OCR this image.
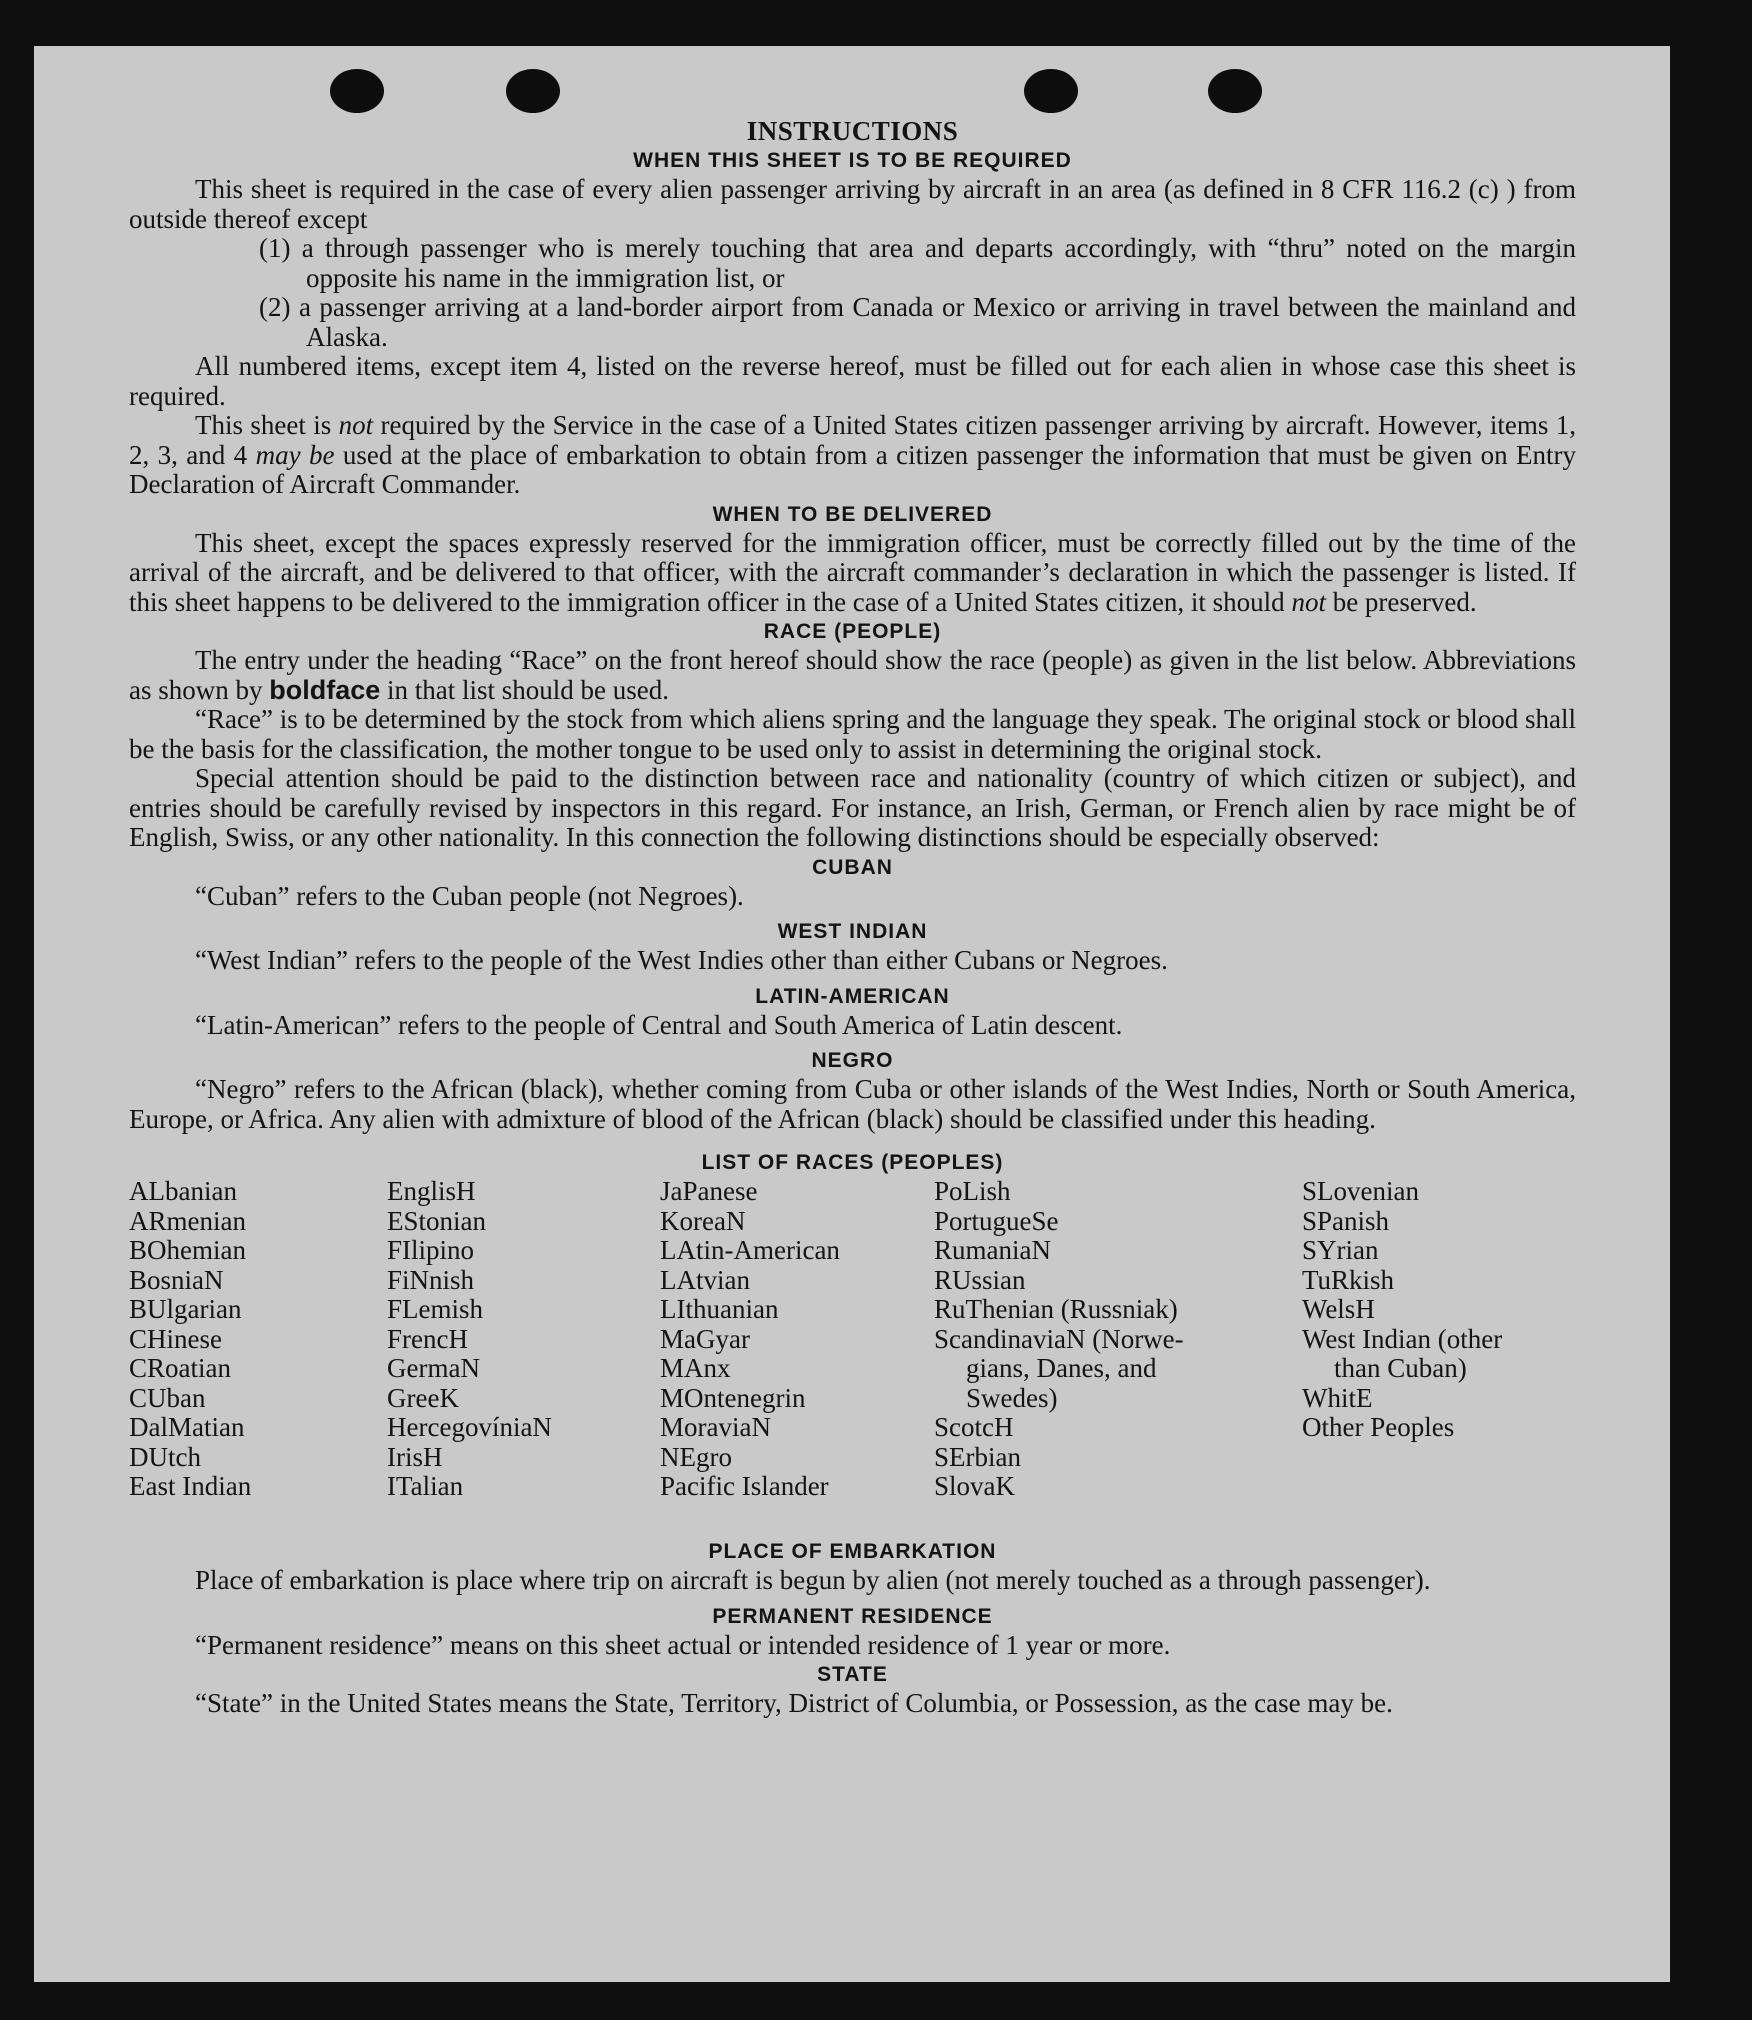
INSTRUCTIONS
WHEN THIS SHEET IS TO BE REQUIRED

This sheet is required in the case of every alien passenger arriving by aircraft in an area (as defined in 8 CFR 116.2 (c) ) from outside thereof except

(1) a through passenger who is merely touching that area and departs accordingly, with “thru” noted on the margin opposite his name in the immigration list, or

(2) a passenger arriving at a land-border airport from Canada or Mexico or arriving in travel between the mainland and Alaska.

All numbered items, except item 4, listed on the reverse hereof, must be filled out for each alien in whose case this sheet is required.

This sheet is not required by the Service in the case of a United States citizen passenger arriving by aircraft. However, items 1, 2, 3, and 4 may be used at the place of embarkation to obtain from a citizen passenger the information that must be given on Entry Declaration of Aircraft Commander.

WHEN TO BE DELIVERED

This sheet, except the spaces expressly reserved for the immigration officer, must be correctly filled out by the time of the arrival of the aircraft, and be delivered to that officer, with the aircraft commander’s declaration in which the passenger is listed. If this sheet happens to be delivered to the immigration officer in the case of a United States citizen, it should not be preserved.

RACE (PEOPLE)

The entry under the heading “Race” on the front hereof should show the race (people) as given in the list below. Abbreviations as shown by boldface in that list should be used.

“Race” is to be determined by the stock from which aliens spring and the language they speak. The original stock or blood shall be the basis for the classification, the mother tongue to be used only to assist in determining the original stock.

Special attention should be paid to the distinction between race and nationality (country of which citizen or subject), and entries should be carefully revised by inspectors in this regard. For instance, an Irish, German, or French alien by race might be of English, Swiss, or any other nationality. In this connection the following distinctions should be especially observed:

CUBAN

“Cuban” refers to the Cuban people (not Negroes).

WEST INDIAN

“West Indian” refers to the people of the West Indies other than either Cubans or Negroes.

LATIN-AMERICAN

“Latin-American” refers to the people of Central and South America of Latin descent.

NEGRO

“Negro” refers to the African (black), whether coming from Cuba or other islands of the West Indies, North or South America, Europe, or Africa. Any alien with admixture of blood of the African (black) should be classified under this heading.

LIST OF RACES (PEOPLES)
ALbanian
ARmenian
BOhemian
BosniaN
BUlgarian
CHinese
CRoatian
CUban
DalMatian
DUtch
East Indian
EnglisH
EStonian
FIlipino
FiNnish
FLemish
FrencH
GermaN
GreeK
HercegovíniaN
IrisH
ITalian
JaPanese
KoreaN
LAtin-American
LAtvian
LIthuanian
MaGyar
MAnx
MOntenegrin
MoraviaN
NEgro
Pacific Islander
PoLish
PortugueSe
RumaniaN
RUssian
RuThenian (Russniak)
ScandinaviaN (Norwe-
gians, Danes, and
Swedes)
ScotcH
SErbian
SlovaK
SLovenian
SPanish
SYrian
TuRkish
WelsH
West Indian (other
than Cuban)
WhitE
Other Peoples
PLACE OF EMBARKATION

Place of embarkation is place where trip on aircraft is begun by alien (not merely touched as a through passenger).

PERMANENT RESIDENCE

“Permanent residence” means on this sheet actual or intended residence of 1 year or more.

STATE

“State” in the United States means the State, Territory, District of Columbia, or Possession, as the case may be.
